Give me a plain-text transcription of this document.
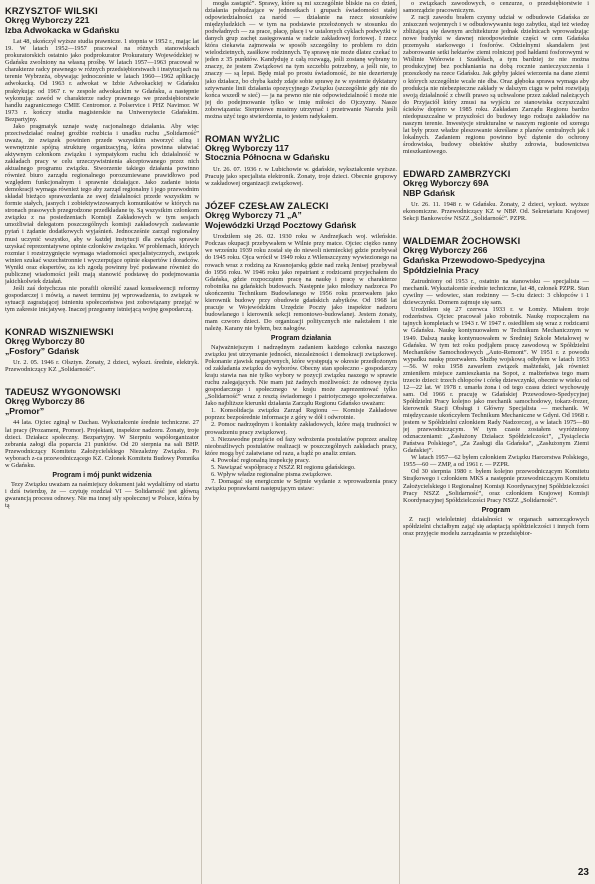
KRZYSZTOF WILSKI
Okręg Wyborczy 221
Izba Adwokacka w Gdańsku

Lat 48, ukończył wyższe studia prawnicze. 1 stopnia w 1952 r., mając lat 19. W latach 1952—1957 pracował na różnych stanowiskach prokuratorskich ostatnio jako podprokurator Prokuratury Wojewódzkiej w Gdańsku zwolniony na własną prośbę. W latach 1957—1963 pracował w charakterze radcy prawnego w różnych przedsiębiorstwach i instytucjach na terenie Wybrzeża, obywając jednocześnie w latach 1960—1962 aplikację adwokacką. Od 1963 r. adwokat w Izbie Adwokackiej w Gdańsku praktykując od 1967 r. w zespole adwokackim w Gdańsku, a następnie wykonując zawód w charakterze radcy prawnego we przedsiębiorstwie handlu zagranicznego CMIE Centromor. z Polservice i PHZ Navimor. W 1973 r. kończy studia magisterskie na Uniwersytecie Gdańskim. Bezpartyjny.

Jako pragmatyk uznaje ważę racjonalnego działania. Aby więc przeciwdziałać realnej groźbie rozbicia i unadku ruchu „Solidarność” uważa, że związek powinien przede wszystkim stworzyć silną i wewnętrznie spójną strukturę organizacyjną, która powinna ułatwiać aktywnym członkom związku i sympatykom ruchu ich działalność w zakładach pracy w celu urzeczywistnienia akceptowanego przez nich aktualnego programu związku. Stworzenie takiego działania powinno również biuro zarządu regionalnego porozumiewane prawidłowo pod względem funkcjonalnym i sprawnie działające. Jako zadanie istota demokracji wymaga również tego aby zarząd regionalny i jego przewodnim składał bieżąco sprawozdania ze swej działalności przede wszystkim w formie stałych, jasnych i zobiektywizowanych komunikatów w których na stronach prasowych przegrodzone przedkładane tę. Są wszystkim członkom związku z na posiedzeniach Komisji Zakładowych w tym sesjach umożliwiał delegatom poszczególnych komisji zakładowych zadawanie pytań i żądanie dodatkowych wyjaśnień. Jednocześnie zarząd regionalny musi uczynić wszystko, aby w każdej instytucji dla związku sprawie uzyskać reprezentatywne opinie członków związku. W problemach, których rozmiar i rozstrzygnięcie wymaga wiadomości specjalistycznych, związek winien szukać wszechstronnie i wyczerpujące opinie ekspertów i doradców. Wyniki oraz ekspertów, za ich zgodą powinny być podawane również do publicznej wiadomości jeśli mają stanowić podstawę do podejmowania jakichkolwiek działań.

Jeśli zaś dotychczas nie porafili określić zasad konsekwencji reformy gospodarczej i mówią, a nawet terminu jej wprowadzenia, to związek w sytuacji zagrażającej istnieniu społeczeństwa jest zobowiązany przejąć w tym zakresie inicjatywę. Inaczej przegramy istniejącą wojnę gospodarczą.

KONRAD WISZNIEWSKI
Okręg Wyborczy 80
„Fosfory” Gdańsk

Ur. 2. 05. 1946 r. Olsztyn. Żonaty, 2 dzieci, wykszt. średnie, elektryk. Przewodniczący KZ „Solidarność”.

TADEUSZ WYGONOWSKI
Okręg Wyborczy 86
„Promor”

44 lata. Ojciec zginął w Dachau. Wykształcenie średnie techniczne. 27 lat pracy (Prozament, Promor). Projektant, inspektor nadzoru. Żonaty, troje dzieci. Działacz społeczny. Bezpartyjny. W Sierpniu współorganizator zebrania załogi dla poparcia 21 punktów. Od 20 sierpnia na sali BHP. Przewodniczący Komitetu Założycielskiego Niezależny Związku. Po wyborach z-ca przewodniczącego KZ. Członek Komitetu Budowy Pomnika w Gdańsku.

Program i mój punkt widzenia

Tezy Związku uważam za naśmiejszy dokument jaki wydaliśmy od startu i dziś twierdzę, że — czytuję rozdział VI — Solidarność jest główną gwarancją procesu odnowy. Nie ma innej siły społecznej w Polsce, która by tą

mogła zastąpić”. Sprawy, które są mi szczególnie bliskie na co dzień, działania pobudzające w jednostkach i grupach świadomości stałej odpowiedzialności za naród — działanie na rzecz stosunków międzyludzkich — w tym na podstawie przełożonych w stosunku do podwładnych — za prace, płacę, płacę i w ustalonych cyklach podwyżki w danych grup zachęt zasięgowania w radzie zakładowej fortowej. I rzecz która ciekawia zajmowała w sposób szczególny to problem ro dzin wielodzietnych, zasiłkow rodzinnych. Tę sprawę nie może dlatez czekać to jeden z 35 punktów. Kandyduję z całą rozwagą, jeśli zostanę wybrany to znaczy, że jestem Związkowi na tym szczeblu potrzebny, a jeśli nie, to znaczy — są lepsi. Będę miał po prostu świadomość, że nie dezerteruję jako działacz, bo chyba każdy zdaje sobie sprawę że w systemie dyktatury sztywnanie linii działania opozycyjnego Związku (szczególnie gdy nie do końca wszedł w sieć) — ja na pewno nie nie odpowiedzialność i może nie jej do podejmowanie tylko w imię miłości do Ojczyzny. Nasze zobowiązania: Sierpniowe musimy utrzymać i przetrwanie Narodu jeśli można użyć tego stwierdzenia, to jestem radykałem.

ROMAN WYŻLIC
Okręg Wyborczy 117
Stocznia Północna w Gdańsku

Ur. 26. 07. 1936 r. w Lubichowie w. gdańskie, wykształcenie wyższe. Pracuję jako specjalista elektronik. Żonaty, troje dzieci. Obecnie grupowy w zakładowej organizacji związkowej.

JÓZEF CZESŁAW ZALECKI
Okręg Wyborczy 71 „A”
Wojewódzki Urząd Pocztowy Gdańsk

Urodziłem się 26. 02. 1930 roku w Andrzejkach woj. wileńskie. Podczas okupacji przebywałem w Wilnie przy matce. Ojciec ciężko ranny we wrześniu 1939 roku został się do niewoli niemieckiej gdzie przebywał do 1945 roku. Ojca wrócił w 1949 roku z Wilenszczyzny wywiezionego na rowach wraz z rodziną za Krasnojarską gdzie nad rzeką Jenisej przebywał do 1956 roku. W 1946 roku jako repatriant z rodzicami przyjechałem do Gdańska, gdzie rozpoczątem pracę na naukę i pracę w charakterze robotnika na gdańskich budowach. Następnie jako młodszy nadzorca Po ukończeniu Technikum Budowlanego w 1956 roku przerwałem jako kierownik budowy przy obudowie gdańskich zabytków. Od 1968 lat pracuje w Wojewódzkim Urzędzie Poczty jako inspektor nadzoru budowlanego i kierownik sekcji remontowo-budowlanej. Jestem żonaty, mam czworo dzieci. Do organizacji politycznych nie należałem i nie należę. Karany nie byłem, bez nałogów.

Program działania

Najważniejszym i nadrzędnym zadaniem każdego członka naszego związku jest utrzymanie jedności, niezależności i demokracji związkowej. Pokonanie zjawisk negatywnych, które występują w okresie przedłożonym od zakładania związku do wyborów. Obecny stan społeczno - gospodarczy kraju stawia nas nie tylko wybory w pozycji związku naszego w sprawie ruchu zalegających. Nie mam już żadnych możliwości: że odnowę życia gospodarczego i społecznego w kraju może zaprezentować tylko „Solidarność” wraz z resztą świadomego i patriotycznego społeczeństwa. Jako najbliższe kierunki działania Zarządu Regionu Gdańsko uważam:

1. Konsolidacja związku Zarząd Regionu — Komisje Zakładowe poprzez bezpośrednie informacje z góry w dół i odwrotnie.

2. Pomoc nadrzędnym i kontakty zakładowych, które mają trudności w prowadzeniu pracy związkowej.

3. Niezawodne przejście od fazy wdrożenia postulatów poprzez analizę nieobraźliwych postulatów realizacji w poszczególnych zakładach pracy, które mogą być załatwiane od razu, a bądź po analiz zmian.

4. Powołać regionalną inspekcję pracy.

5. Nawiązać współpracę z NSZZ RI regionu gdańskiego.

6. Wpływ władze regionalne pisma związkowe.

7. Domagać się energicznie w Sejmie wydanie z wprowadzenia pracy związku poprawkami następującym ustaw:

o związkach zawodowych, o cenzurze, o przedsiębiorstwie i samorządzie pracowniczym.

Z racji zawodu brałem czynny udział w odbudowie Gdańska ze zniszczeń wojennych i w odbudowywaniu tego zabytku, stąd też wiedzę zbliżającą się dawnym architekturze jednak dzielnicach wprowadzając nowe budynki w dawnej nieodpowiednie części w cem Gdańska przemysłu starkowego i fosforów. Odzielnymi skandalem jest zaborowanie setki hektarów ziemi rolniczej pod hałdami fosforowymi w Wiślinie Wiórowie i Szadółach, a tym bardziej że nie można produkcyjnej bez pochłaniania na dobą rocznie zanieczyszczenia i przeszkody na rzece Gdańsku. Jak gdyby jakieś wierzenia na dane ziemi o których szczególnie wcale nie dba. Oraz głęboka sprawa wymaga aby produkcja nie niebezpieczne zakłady w dalszym ciągu w pełni rozwijają swoją działalność z chwili prawo są uchwalone przez zakład należących do Przyjaciół który zmusi na wyjściu ze stanowiska oczyszczalni ścieków dopiero w 1985 roku. Zakładam Zarządu Regionu bardzo niedopuszczalne w przyszłości do budowy tego rodzaju zakładów na naszym terenie. Inwestycje strukturalne w naszym regionie od szeregu lat były przez władze pleszowanie skreślane z planów centralnych jak i lokalnych. Zadaniem regionu powinno być dążenie do ochrony środowiska, budowy obiektów służby zdrowia, budownictwa mieszkaniowego.

EDWARD ZAMBRZYCKI
Okręg Wyborczy 69A
NBP Gdańsk

Ur. 26. 11. 1948 r. w Gdańsku. Żonaty, 2 dzieci, wykszt. wyższe ekonomiczne. Przewodniczący KZ w NBP. Od. Sekretariatu Krajowej Sekcji Bankowców NSZZ „Solidarność”. PZPR.

WALDEMAR ŻOCHOWSKI
Okręg Wyborczy 266
Gdańska Przewodowo-Spedycyjna Spółdzielnia Pracy

Zatrudniony od 1953 r., ostatnio na stanowisku — specjalista — mechanik. Wykształcenie średnie techniczne, lat 48, członek PZPR. Stan cywilny — wdowiec, stan rodzinny — 5-ciu dzieci: 3 chłopców i 1 dziewczynki. Domem zajmuje się sam.

Urodziłem się 27 czerwca 1933 r. w Łomży. Miałem troje rodzeństwa. Ojciec pracował jako robotnik. Naukę rozpocząłem na tajnych kompletach w 1943 r. W 1947 r. osiedliłem się wraz z rodzicami w Gdańsku. Naukę kontynuowałem w Technikum Mechanicznym w 1949. Dalszą naukę kontynuowałem w Średniej Szkole Metalowej w Gdańsku. W tym też roku podjąłem pracę zawodową w Spółdzielni Mechaników Samochodowych „Auto-Remont”. W 1951 r. z powodu wypadku naukę przerwałem. Służbę wojskową odbyłem w latach 1953—56. W roku 1958 zawarłem związek małżeński, jak również zmieniłem miejsce zamieszkania na Sopot, z małżeństwa tego mam trzecio dzieci: trzech chłopców i córkę dziewczynki, obecnie w wieku od 12—22 lat. W 1978 r. umarła żona i od tego czasu dzieci wychowuję sam. Od 1966 r. pracuję w Gdańskiej Przewodowo-Spedycyjnej Spółdzielni Pracy kolejno jako mechanik samochodowy, tokarz-frezer, kierownik Stacji Obsługi i Główny Specjalista — mechanik. W międzyczasie ukończyłem Technikum Mechaniczne w Gdyni. Od 1968 r. jestem w Spółdzielni członkiem Rady Nadzorczej, a w latach 1975—80 jej przewodniczącym. W tym czasie zostałem wyróżniony odznaczeniami: „Zasłużony Działacz Spółdzielczości”, „Tysiąclecia Państwa Polskiego”, „Za Zasługi dla Gdańska”, „Zasłużonym Ziemi Gdańskiej”.

W latach 1957—62 byłem członkiem Związku Harcerstwa Polskiego, 1955—60 — ZMP, a od 1961 r. — PZPR.

Od 30 sierpnia 1980 r. byłem kolejno przewodniczącym Komitetu Strajkowego i członkiem MKS a następnie przewodniczącym Komitetu Założycielskiego i Regionalnej Komisji Koordynacyjnej Spółdzielczości Pracy NSZZ „Solidarność”, oraz członkiem Krajowej Komisji Koordynacyjnej Spółdzielczości Pracy NSZZ „Solidarność”.

Program

Z racji wieloletniej działalności w organach samorządowych spółdzielni chciałbym zająć się adaptacją spółdzielczości i innych form oraz przyjęcie modelu zarządzania w przedsiębior-

23
